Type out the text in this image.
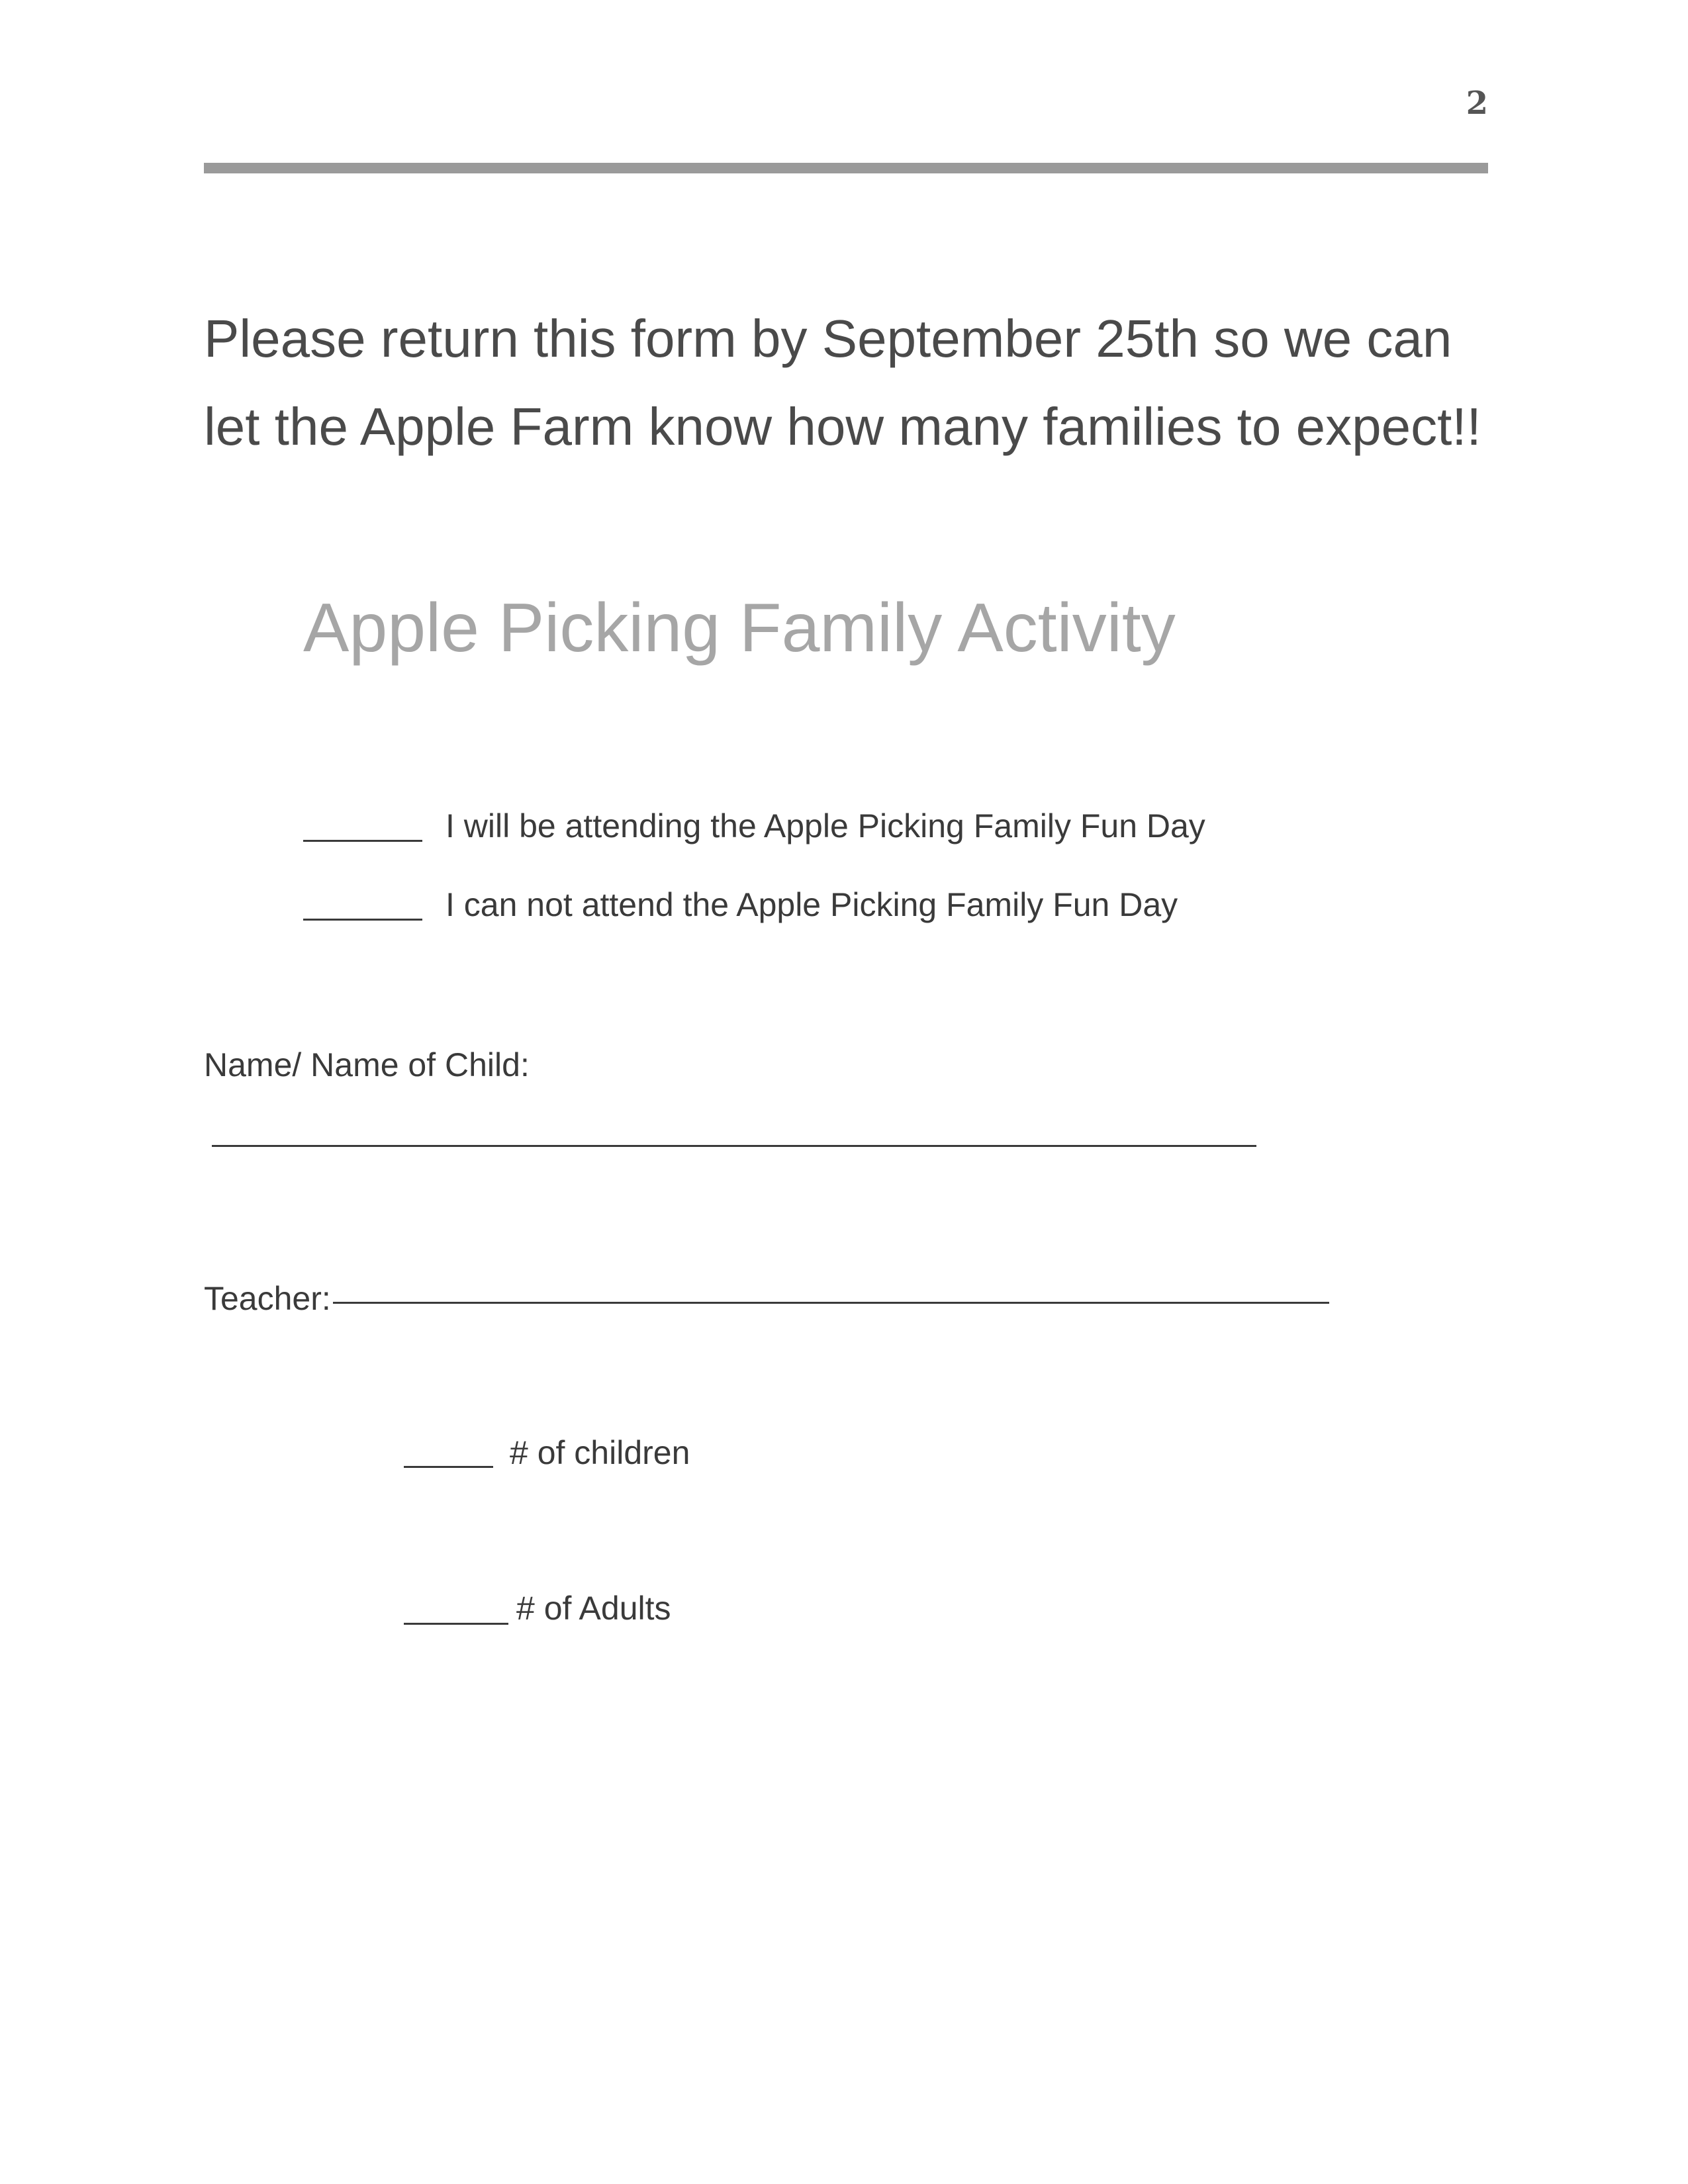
2

Please return this form by September 25th so we can let the Apple Farm know how many families to expect!!

Apple Picking Family Activity
I will be attending the Apple Picking Family Fun Day
I can not attend the Apple Picking Family Fun Day
Name/ Name of Child:
Teacher:
# of children
# of Adults
